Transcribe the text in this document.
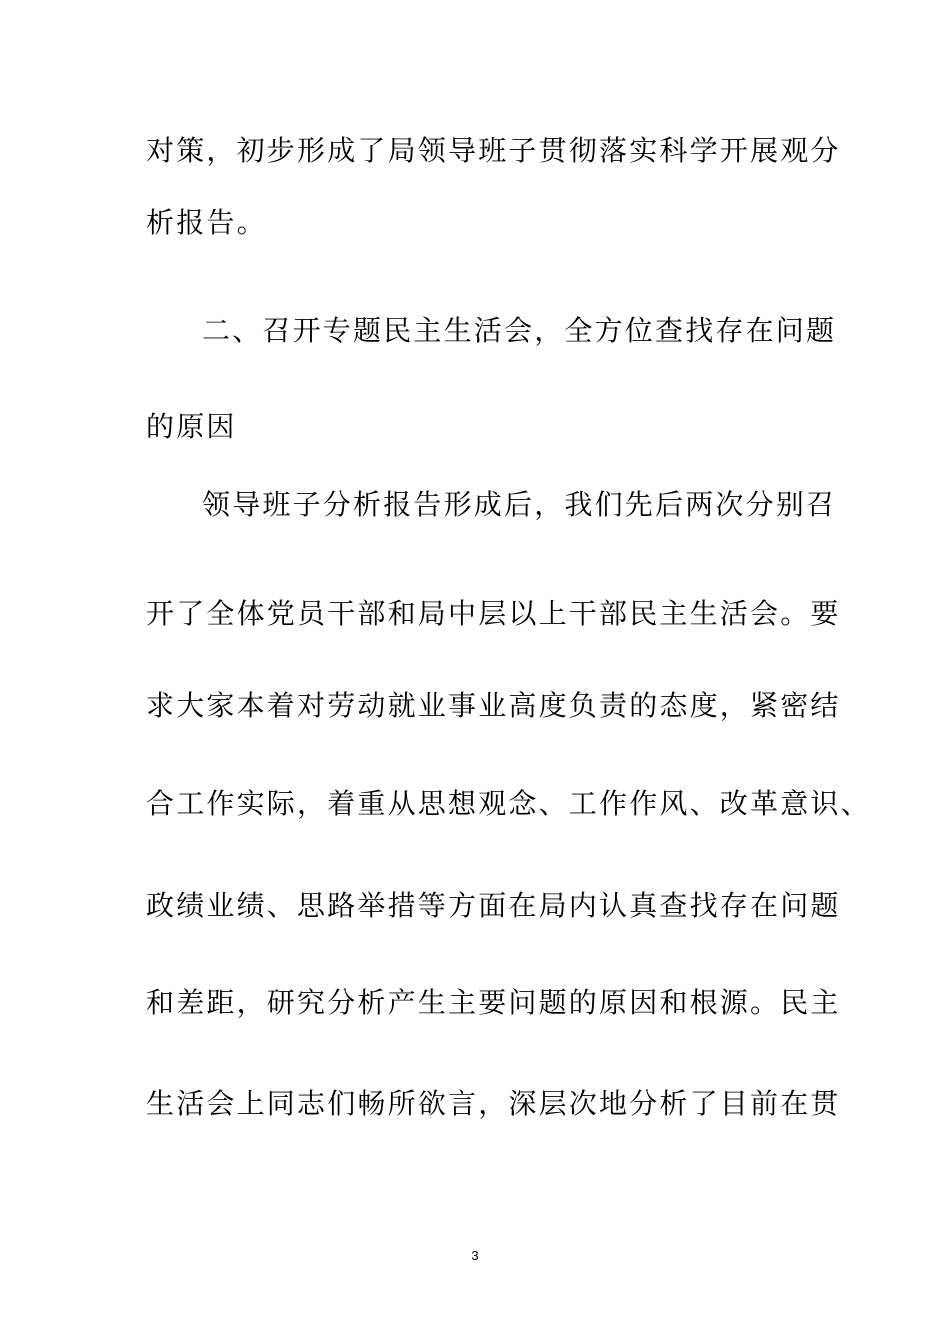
对策，初步形成了局领导班子贯彻落实科学开展观分
析报告。
二、召开专题民主生活会，全方位查找存在问题
的原因
领导班子分析报告形成后，我们先后两次分别召
开了全体党员干部和局中层以上干部民主生活会。要
求大家本着对劳动就业事业高度负责的态度，紧密结
合工作实际，着重从思想观念、工作作风、改革意识、
政绩业绩、思路举措等方面在局内认真查找存在问题
和差距，研究分析产生主要问题的原因和根源。民主
生活会上同志们畅所欲言，深层次地分析了目前在贯
3
